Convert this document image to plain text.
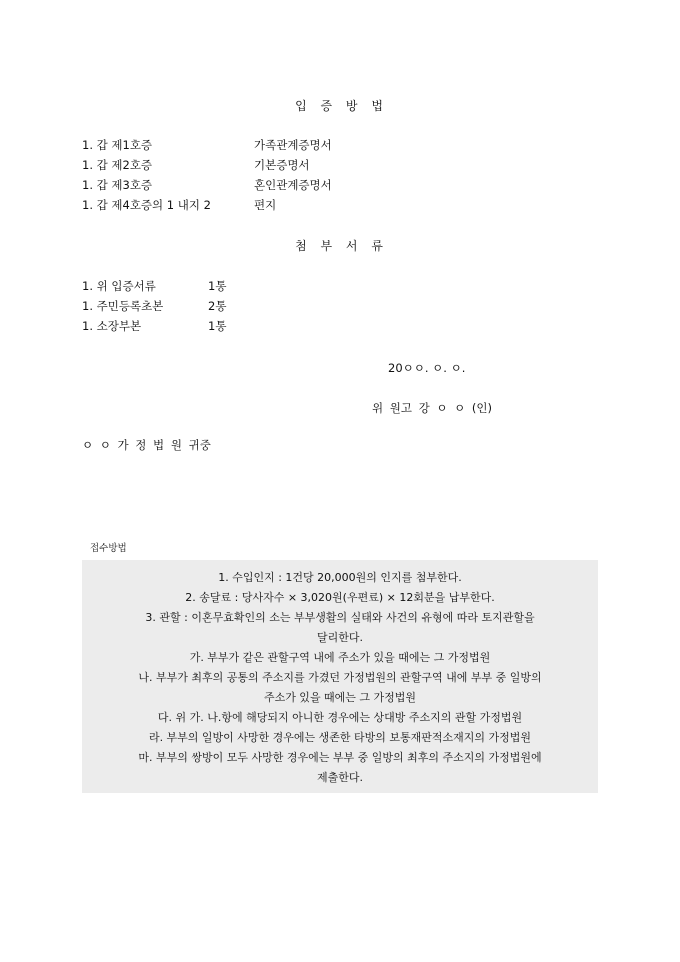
입 증 방 법
1. 갑 제1호증	가족관계증명서
1. 갑 제2호증	기본증명서
1. 갑 제3호증	혼인관계증명서
1. 갑 제4호증의 1 내지 2	편지
첨 부 서 류
1. 위 입증서류	1통
1. 주민등록초본	2통
1. 소장부본	1통
20ㅇㅇ. ㅇ. ㅇ.
위 원고 강 ㅇ ㅇ (인)
ㅇ ㅇ 가 정 법 원 귀중
접수방법
1. 수입인지 : 1건당 20,000원의 인지를 첨부한다.
2. 송달료 : 당사자수 × 3,020원(우편료) × 12회분을 납부한다.
3. 관할 : 이혼무효확인의 소는 부부생활의 실태와 사건의 유형에 따라 토지관할을
달리한다.
가. 부부가 같은 관할구역 내에 주소가 있을 때에는 그 가정법원
나. 부부가 최후의 공통의 주소지를 가겼던 가정법원의 관할구역 내에 부부 중 일방의
주소가 있을 때에는 그 가정법원
다. 위 가. 나.항에 해당되지 아니한 경우에는 상대방 주소지의 관할 가정법원
라. 부부의 일방이 사망한 경우에는 생존한 타방의 보통재판적소재지의 가정법원
마. 부부의 쌍방이 모두 사망한 경우에는 부부 중 일방의 최후의 주소지의 가정법원에
제출한다.
